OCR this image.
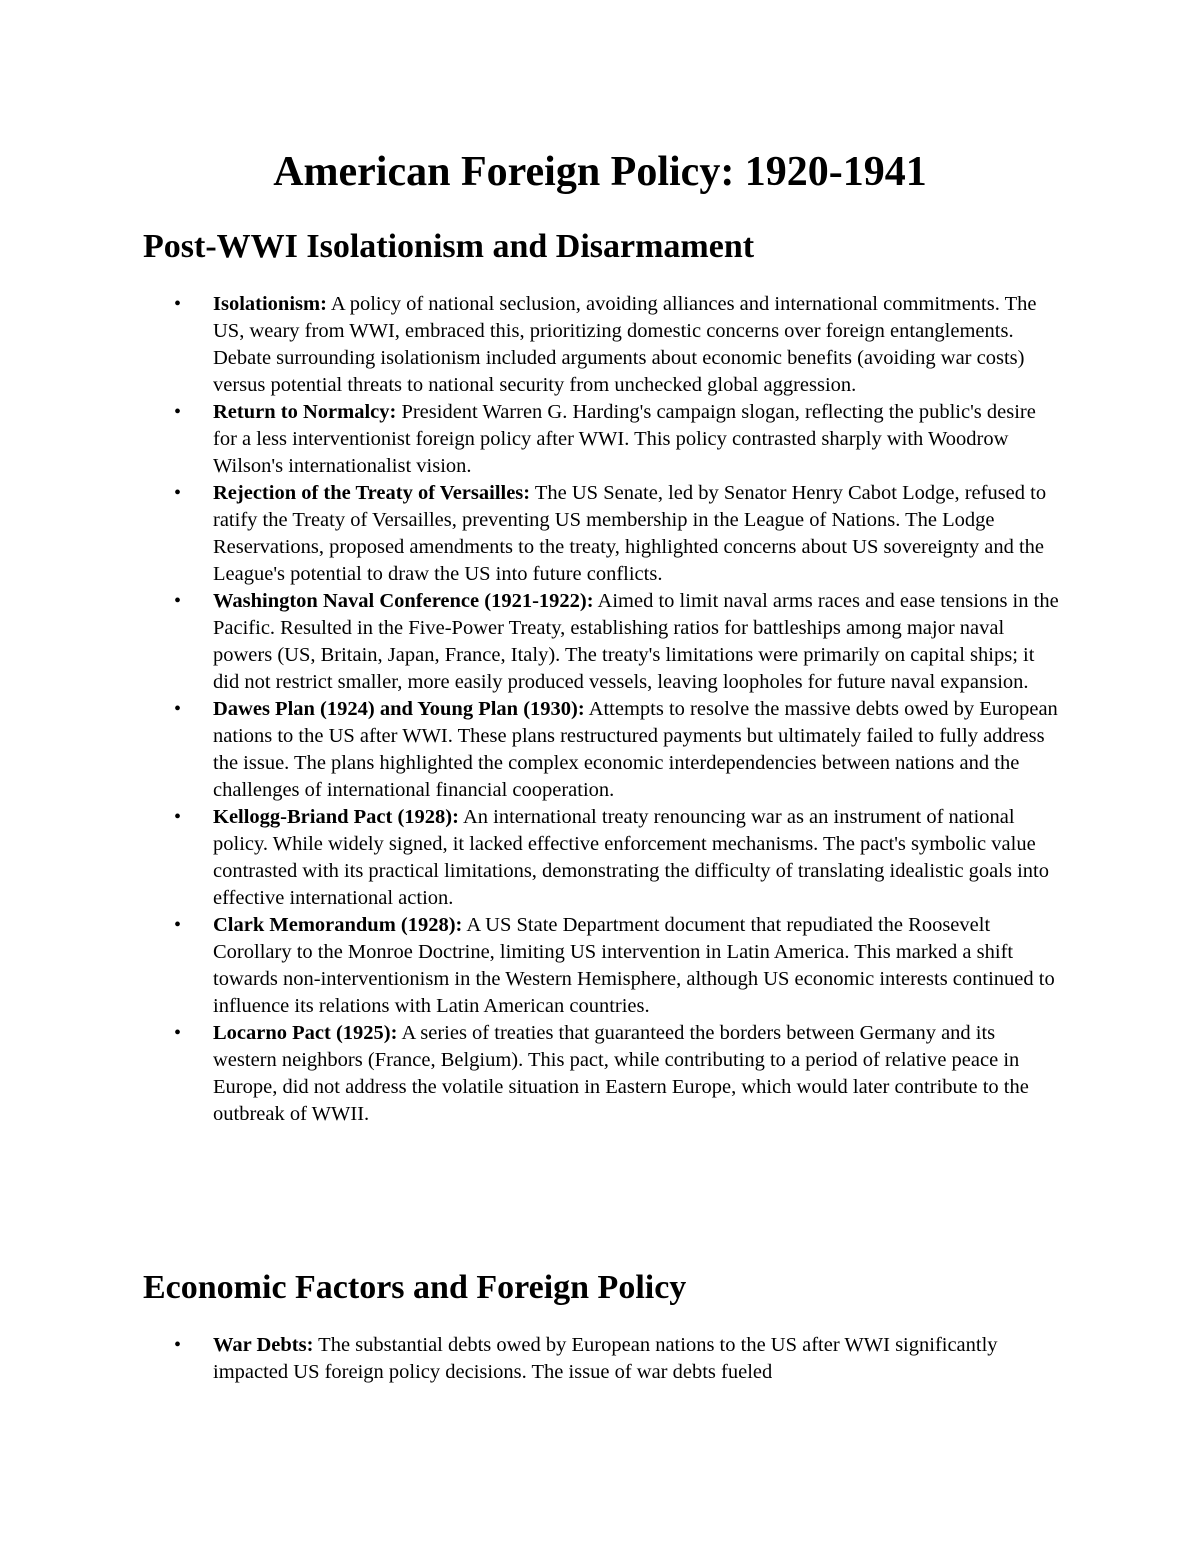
American Foreign Policy: 1920-1941
Post-WWI Isolationism and Disarmament
• Isolationism: A policy of national seclusion, avoiding alliances and international commitments. The US, weary from WWI, embraced this, prioritizing domestic concerns over foreign entanglements. Debate surrounding isolationism included arguments about economic benefits (avoiding war costs) versus potential threats to national security from unchecked global aggression.
• Return to Normalcy: President Warren G. Harding's campaign slogan, reflecting the public's desire for a less interventionist foreign policy after WWI. This policy contrasted sharply with Woodrow Wilson's internationalist vision.
• Rejection of the Treaty of Versailles: The US Senate, led by Senator Henry Cabot Lodge, refused to ratify the Treaty of Versailles, preventing US membership in the League of Nations. The Lodge Reservations, proposed amendments to the treaty, highlighted concerns about US sovereignty and the League's potential to draw the US into future conflicts.
• Washington Naval Conference (1921-1922): Aimed to limit naval arms races and ease tensions in the Pacific. Resulted in the Five-Power Treaty, establishing ratios for battleships among major naval powers (US, Britain, Japan, France, Italy). The treaty's limitations were primarily on capital ships; it did not restrict smaller, more easily produced vessels, leaving loopholes for future naval expansion.
• Dawes Plan (1924) and Young Plan (1930): Attempts to resolve the massive debts owed by European nations to the US after WWI. These plans restructured payments but ultimately failed to fully address the issue. The plans highlighted the complex economic interdependencies between nations and the challenges of international financial cooperation.
• Kellogg-Briand Pact (1928): An international treaty renouncing war as an instrument of national policy. While widely signed, it lacked effective enforcement mechanisms. The pact's symbolic value contrasted with its practical limitations, demonstrating the difficulty of translating idealistic goals into effective international action.
• Clark Memorandum (1928): A US State Department document that repudiated the Roosevelt Corollary to the Monroe Doctrine, limiting US intervention in Latin America. This marked a shift towards non-interventionism in the Western Hemisphere, although US economic interests continued to influence its relations with Latin American countries.
• Locarno Pact (1925): A series of treaties that guaranteed the borders between Germany and its western neighbors (France, Belgium). This pact, while contributing to a period of relative peace in Europe, did not address the volatile situation in Eastern Europe, which would later contribute to the outbreak of WWII.
Economic Factors and Foreign Policy
• War Debts: The substantial debts owed by European nations to the US after WWI significantly impacted US foreign policy decisions. The issue of war debts fueled
